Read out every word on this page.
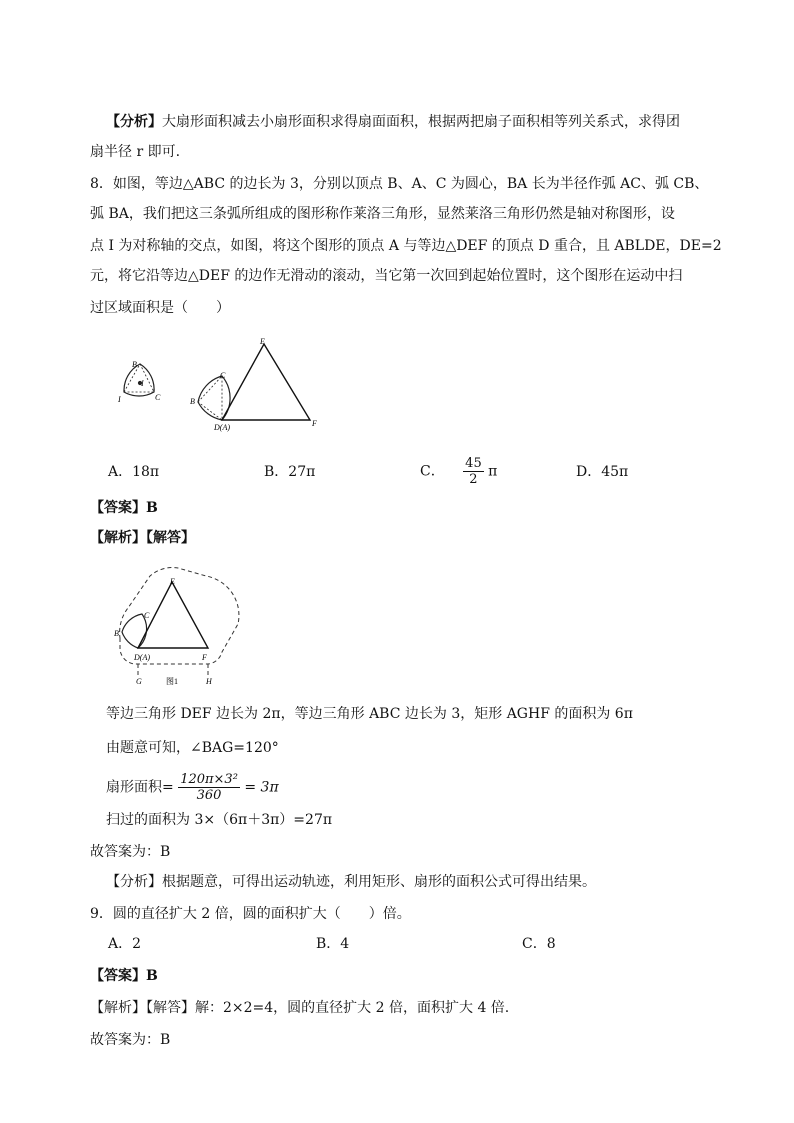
【分析】大扇形面积减去小扇形面积求得扇面面积，根据两把扇子面积相等列关系式，求得团
扇半径 r 即可.
8．如图，等边△ABC 的边长为 3，分别以顶点 B、A、C 为圆心，BA 长为半径作弧 AC、弧 CB、
弧 BA，我们把这三条弧所组成的图形称作莱洛三角形，显然莱洛三角形仍然是轴对称图形，设
点 I 为对称轴的交点，如图，将这个图形的顶点 A 与等边△DEF 的顶点 D 重合，且 ABLDE，DE=2
元，将它沿等边△DEF 的边作无滑动的滚动，当它第一次回到起始位置时，这个图形在运动中扫
过区域面积是（　　）
B
I
C
I
C
B
E
D(A)	F
A．18π	B．27π	C． $\frac{45}{2}$ π	D．45π
【答案】B
【解析】【解答】
E
C
B
D(A)	F
G	图1	H
等边三角形 DEF 边长为 2π，等边三角形 ABC 边长为 3，矩形 AGHF 的面积为 6π
由题意可知，∠BAG=120°
扇形面积= $\frac{\text{120π×3²}}{360} = 3\pi$
扫过的面积为 3×（6π＋3π）=27π
故答案为：B
【分析】根据题意，可得出运动轨迹，利用矩形、扇形的面积公式可得出结果。
9．圆的直径扩大 2 倍，圆的面积扩大（　　）倍。
A．2	B．4	C．8
【答案】B
【解析】【解答】解：2×2=4，圆的直径扩大 2 倍，面积扩大 4 倍.
故答案为：B
